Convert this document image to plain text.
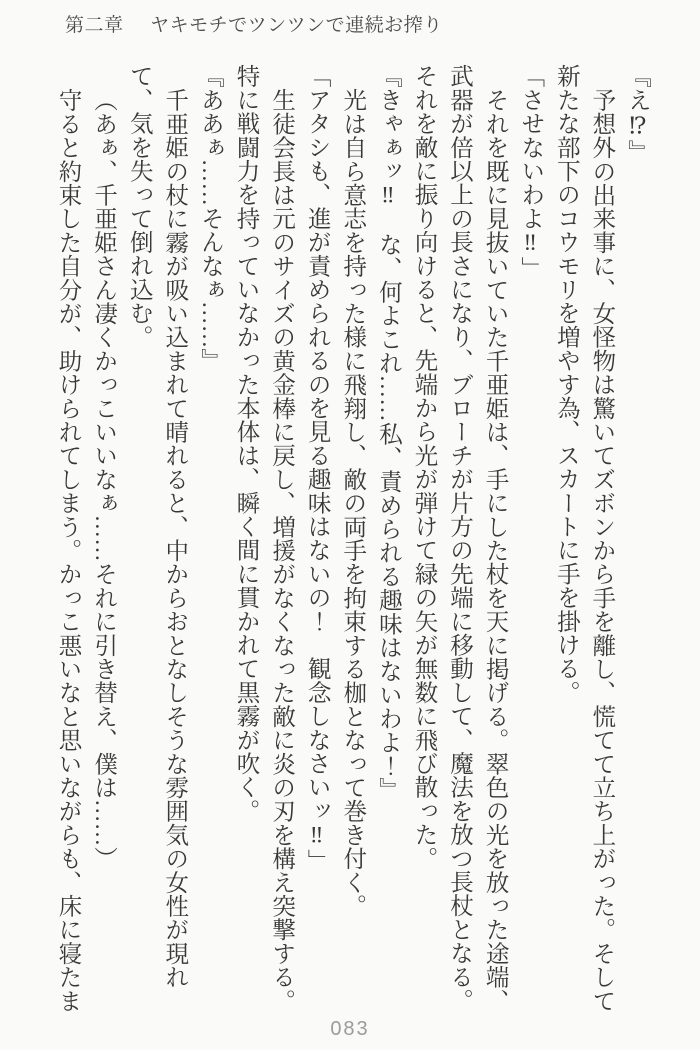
第二章 ヤキモチでツンツンで連続お搾り

『え⁉』

予想外の出来事に、女怪物は驚いてズボンから手を離し、慌てて立ち上がった。そして新たな部下のコウモリを増やす為、スカートに手を掛ける。

「させないわよ‼」

それを既に見抜いていた千亜姫は、手にした杖を天に掲げる。翠色の光を放った途端、武器が倍以上の長さになり、ブローチが片方の先端に移動して、魔法を放つ長杖となる。それを敵に振り向けると、先端から光が弾けて緑の矢が無数に飛び散った。

『きゃぁッ‼　な、何よこれ……私、責められる趣味はないわよ！』

光は自ら意志を持った様に飛翔し、敵の両手を拘束する枷となって巻き付く。

「アタシも、進が責められるのを見る趣味はないの！　観念しなさいッ‼」

生徒会長は元のサイズの黄金棒に戻し、増援がなくなった敵に炎の刃を構え突撃する。特に戦闘力を持っていなかった本体は、瞬く間に貫かれて黒霧が吹く。

『ああぁ……そんなぁ……』

千亜姫の杖に霧が吸い込まれて晴れると、中からおとなしそうな雰囲気の女性が現れて、気を失って倒れ込む。

（あぁ、千亜姫さん凄くかっこいいなぁ……それに引き替え、僕は……）

守ると約束した自分が、助けられてしまう。かっこ悪いなと思いながらも、床に寝たま

083
